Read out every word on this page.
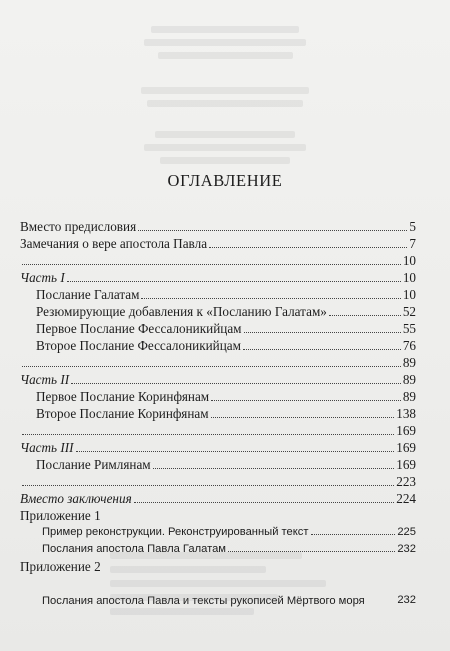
ОГЛАВЛЕНИЕ
Вместо предисловия	5
Замечания о вере апостола Павла	7
10
Часть I	10
Послание Галатам	10
Резюмирующие добавления к «Посланию Галатам»	52
Первое Послание Фессалоникийцам	55
Второе Послание Фессалоникийцам	76
89
Часть II	89
Первое Послание Коринфянам	89
Второе Послание Коринфянам	138
169
Часть III	169
Послание Римлянам	169
223
Вместо заключения	224
Приложение 1
Пример реконструкции. Реконструированный текст	225
Послания апостола Павла Галатам	232
Приложение 2
Послания апостола Павла и тексты рукописей Мёртвого моря	232
